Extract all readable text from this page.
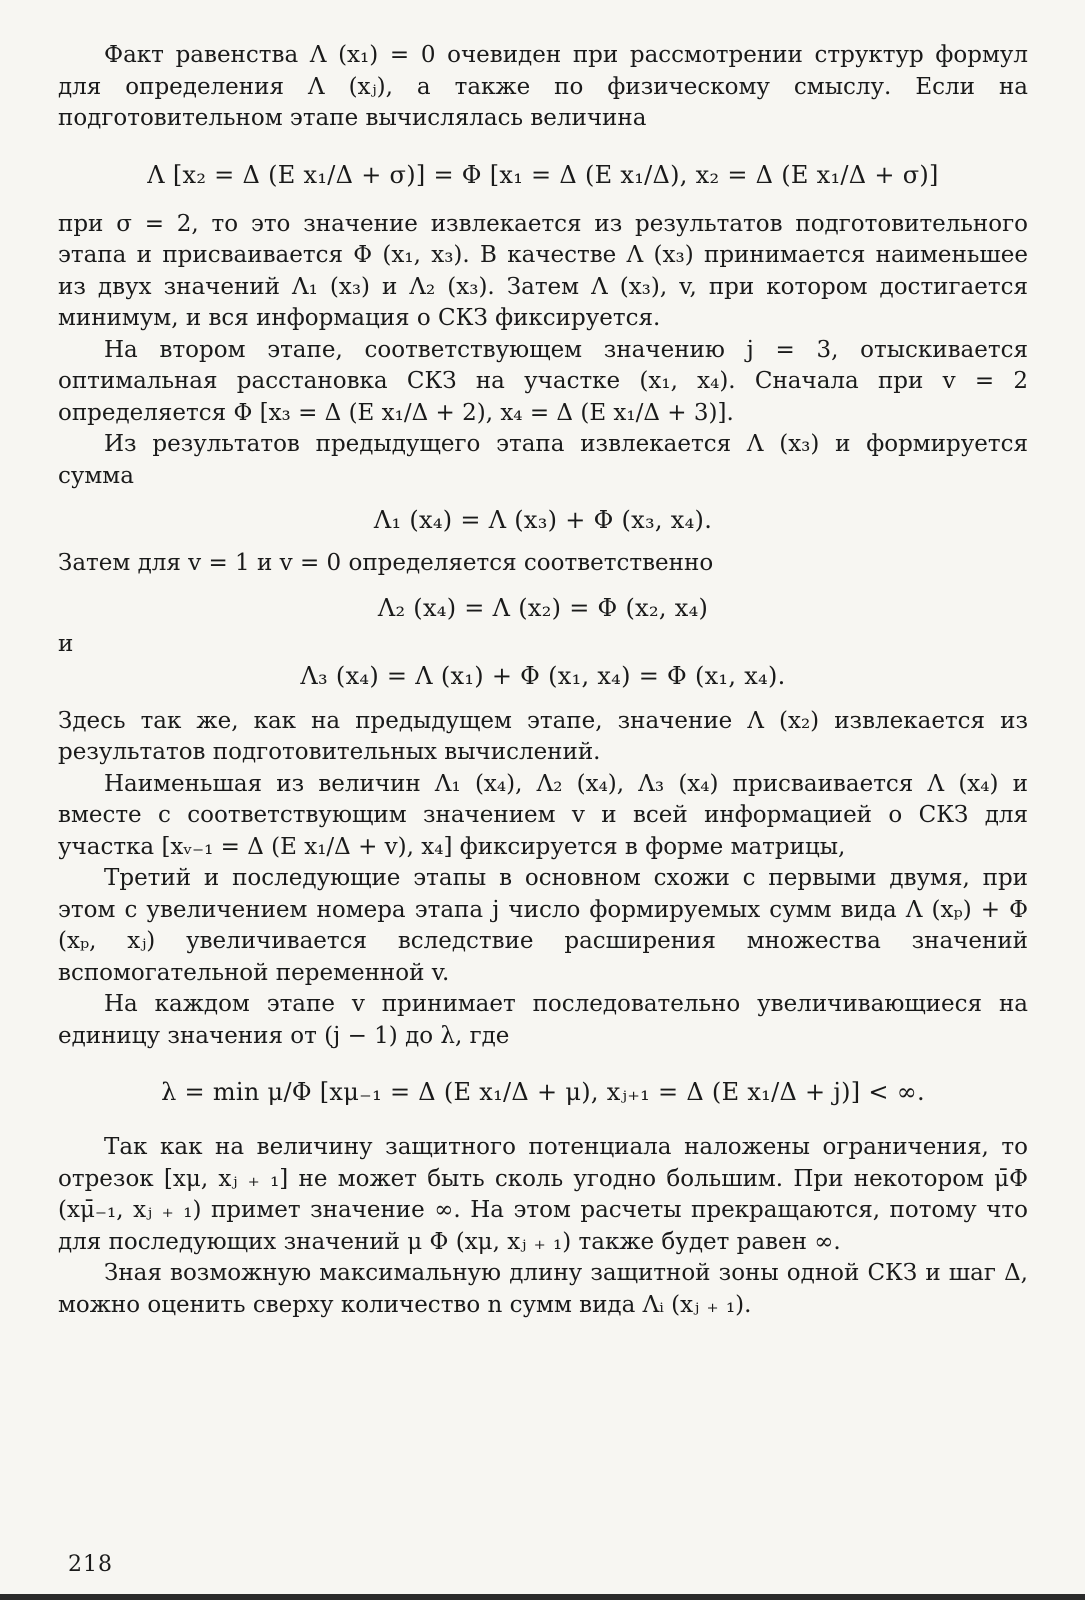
Факт равенства Λ (x₁) = 0 очевиден при рассмотрении структур формул для определения Λ (xⱼ), а также по физическому смыслу. Если на подготовительном этапе вычислялась величина

Λ [x₂ = Δ (E x₁/Δ + σ)] = Φ [x₁ = Δ (E x₁/Δ), x₂ = Δ (E x₁/Δ + σ)]

при σ = 2, то это значение извлекается из результатов подготовительного этапа и присваивается Φ (x₁, x₃). В качестве Λ (x₃) принимается наименьшее из двух значений Λ₁ (x₃) и Λ₂ (x₃). Затем Λ (x₃), v, при котором достигается минимум, и вся информация о СКЗ фиксируется.

На втором этапе, соответствующем значению j = 3, отыскивается оптимальная расстановка СКЗ на участке (x₁, x₄). Сначала при v = 2 определяется Φ [x₃ = Δ (E x₁/Δ + 2), x₄ = Δ (E x₁/Δ + 3)].

Из результатов предыдущего этапа извлекается Λ (x₃) и формируется сумма

Λ₁ (x₄) = Λ (x₃) + Φ (x₃, x₄).

Затем для v = 1 и v = 0 определяется соответственно

Λ₂ (x₄) = Λ (x₂) = Φ (x₂, x₄)

и

Λ₃ (x₄) = Λ (x₁) + Φ (x₁, x₄) = Φ (x₁, x₄).

Здесь так же, как на предыдущем этапе, значение Λ (x₂) извлекается из результатов подготовительных вычислений.

Наименьшая из величин Λ₁ (x₄), Λ₂ (x₄), Λ₃ (x₄) присваивается Λ (x₄) и вместе с соответствующим значением v и всей информацией о СКЗ для участка [xᵥ₋₁ = Δ (E x₁/Δ + v), x₄] фиксируется в форме матрицы,

Третий и последующие этапы в основном схожи с первыми двумя, при этом с увеличением номера этапа j число формируемых сумм вида Λ (xₚ) + Φ (xₚ, xⱼ) увеличивается вследствие расширения множества значений вспомогательной переменной v.

На каждом этапе v принимает последовательно увеличивающиеся на единицу значения от (j − 1) до λ, где

λ = min μ/Φ [xμ₋₁ = Δ (E x₁/Δ + μ), xⱼ₊₁ = Δ (E x₁/Δ + j)] < ∞.

Так как на величину защитного потенциала наложены ограничения, то отрезок [xμ, xⱼ ₊ ₁] не может быть сколь угодно большим. При некотором μ̄Φ (xμ̄₋₁, xⱼ ₊ ₁) примет значение ∞. На этом расчеты прекращаются, потому что для последующих значений μ Φ (xμ, xⱼ ₊ ₁) также будет равен ∞.

Зная возможную максимальную длину защитной зоны одной СКЗ и шаг Δ, можно оценить сверху количество n сумм вида Λᵢ (xⱼ ₊ ₁).

218
